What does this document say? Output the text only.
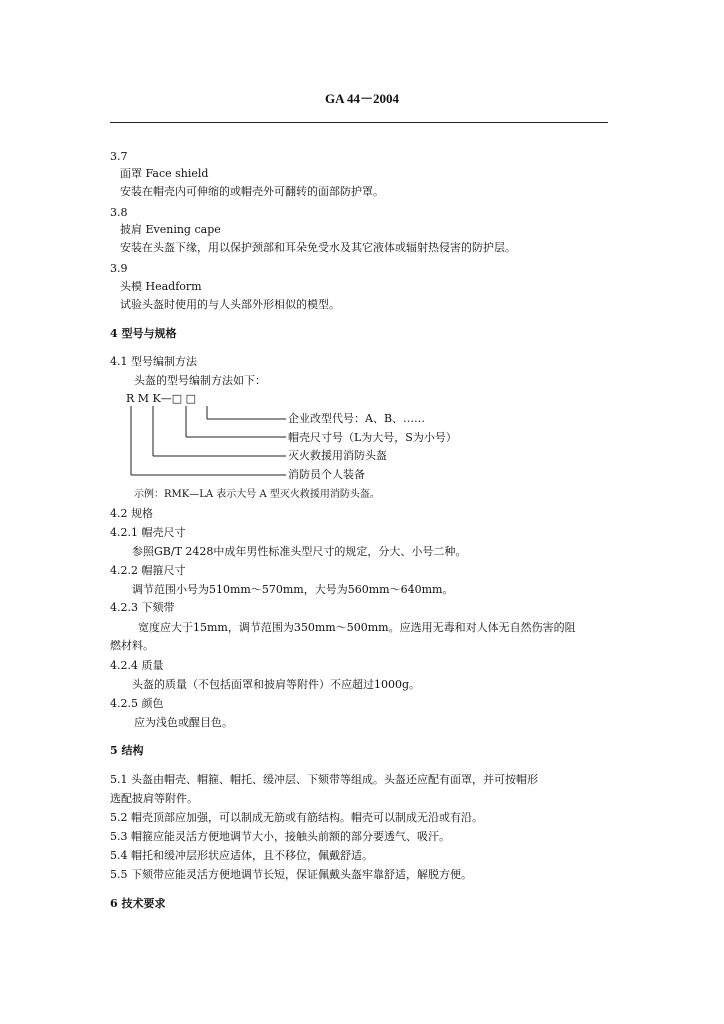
GA 44－2004
3.7
面罩 Face shield
安装在帽壳内可伸缩的或帽壳外可翻转的面部防护罩。
3.8
披肩 Evening cape
安装在头盔下缘，用以保护颈部和耳朵免受水及其它液体或辐射热侵害的防护层。
3.9
头模 Headform
试验头盔时使用的与人头部外形相似的模型。
4 型号与规格
4.1 型号编制方法
头盔的型号编制方法如下：
R M K—□ □
企业改型代号：A、B、……
帽壳尺寸号（L为大号，S为小号）
灭火救援用消防头盔
消防员个人装备
示例：RMK—LA 表示大号 A 型灭火救援用消防头盔。
4.2 规格
4.2.1 帽壳尺寸
参照GB/T 2428中成年男性标准头型尺寸的规定，分大、小号二种。
4.2.2 帽箍尺寸
调节范围小号为510mm～570mm，大号为560mm～640mm。
4.2.3 下颏带
宽度应大于15mm，调节范围为350mm～500mm。应选用无毒和对人体无自然伤害的阻
燃材料。
4.2.4 质量
头盔的质量（不包括面罩和披肩等附件）不应超过1000g。
4.2.5 颜色
应为浅色或醒目色。
5 结构
5.1 头盔由帽壳、帽箍、帽托、缓冲层、下颏带等组成。头盔还应配有面罩，并可按帽形
选配披肩等附件。
5.2 帽壳顶部应加强，可以制成无筋或有筋结构。帽壳可以制成无沿或有沿。
5.3 帽箍应能灵活方便地调节大小，接触头前额的部分要透气、吸汗。
5.4 帽托和缓冲层形状应适体，且不移位，佩戴舒适。
5.5 下颏带应能灵活方便地调节长短，保证佩戴头盔牢靠舒适，解脱方便。
6 技术要求
